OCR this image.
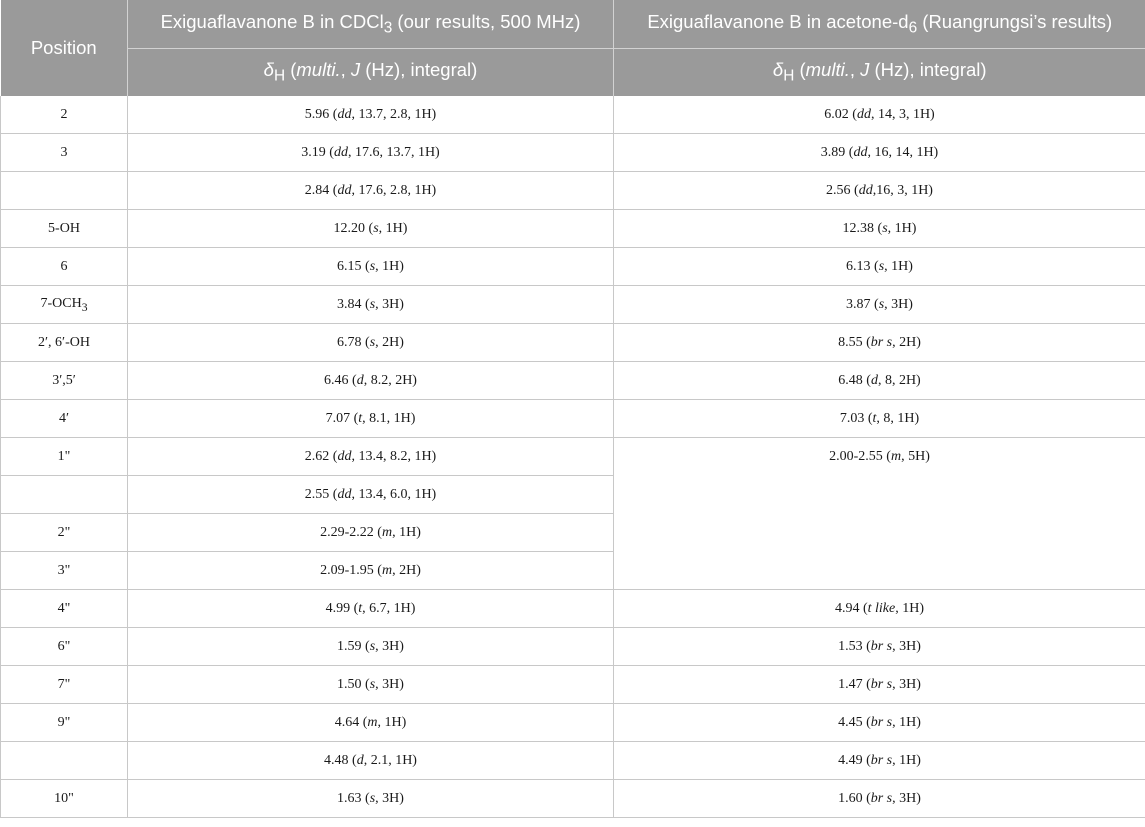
Position	Exiguaflavanone B in CDCl$_3$ (our results, 500 MHz)	Exiguaflavanone B in acetone-$d_6$ (Ruangrungsi’s results)
	$\delta_H$ (multi., J (Hz), integral)	$\delta_H$ (multi., J (Hz), integral)
2	5.96 (dd, 13.7, 2.8, 1H)	6.02 (dd, 14, 3, 1H)
3	3.19 (dd, 17.6, 13.7, 1H)	3.89 (dd, 16, 14, 1H)
	2.84 (dd, 17.6, 2.8, 1H)	2.56 (dd,16, 3, 1H)
5-OH	12.20 (s, 1H)	12.38 (s, 1H)
6	6.15 (s, 1H)	6.13 (s, 1H)
$7-OCH_3$	3.84 (s, 3H)	3.87 (s, 3H)
2′, 6′-OH	6.78 (s, 2H)	8.55 (br s, 2H)
3′,5′	6.46 (d, 8.2, 2H)	6.48 (d, 8, 2H)
4′	7.07 (t, 8.1, 1H)	7.03 (t, 8, 1H)
1"	2.62 (dd, 13.4, 8.2, 1H)	2.00-2.55 (m, 5H)
	2.55 (dd, 13.4, 6.0, 1H)	
2"	2.29-2.22 (m, 1H)	
3"	2.09-1.95 (m, 2H)	
4"	4.99 (t, 6.7, 1H)	4.94 (t like, 1H)
6"	1.59 (s, 3H)	1.53 (br s, 3H)
7"	1.50 (s, 3H)	1.47 (br s, 3H)
9"	4.64 (m, 1H)	4.45 (br s, 1H)
	4.48 (d, 2.1, 1H)	4.49 (br s, 1H)
10"	1.63 (s, 3H)	1.60 (br s, 3H)
